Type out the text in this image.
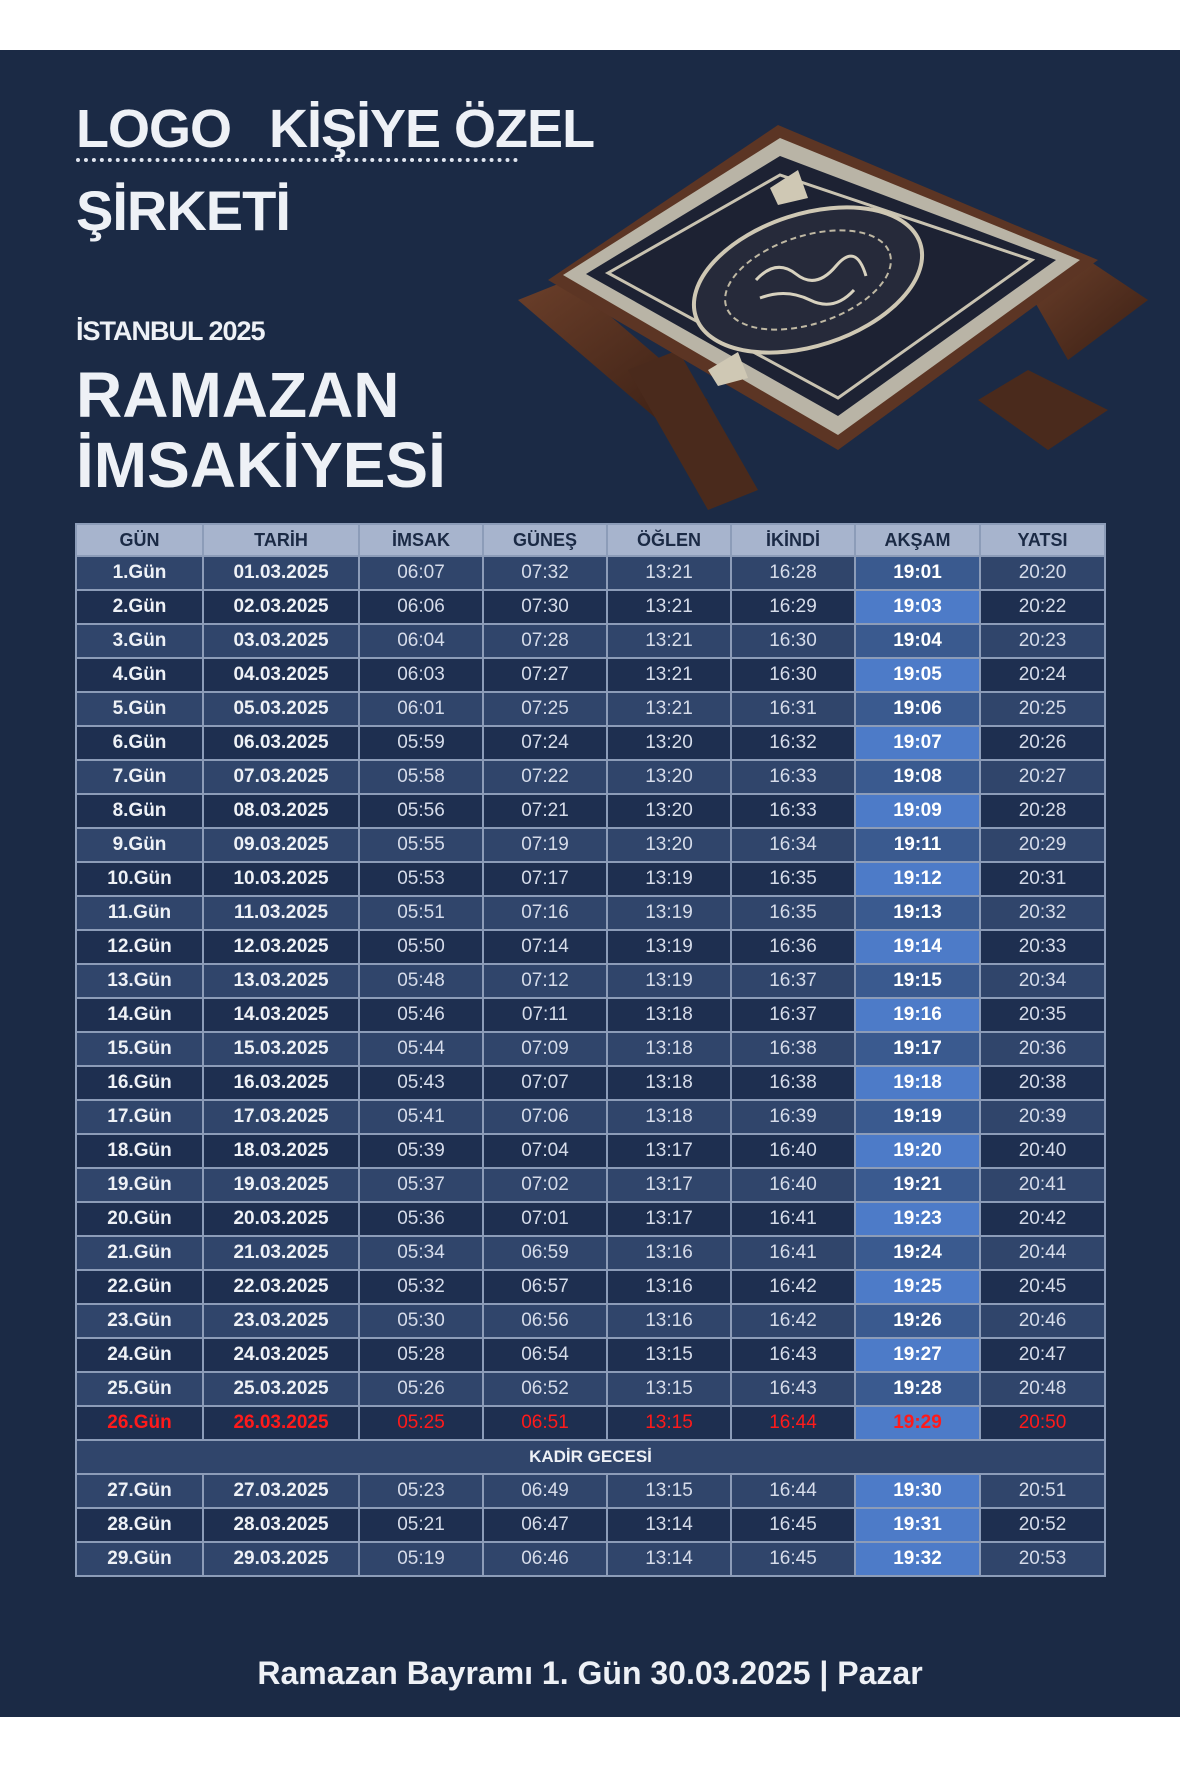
LOGO KİŞİYE ÖZEL
ŞİRKETİ
İSTANBUL 2025
RAMAZAN
İMSAKİYESİ
GÜN	TARİH	İMSAK	GÜNEŞ	ÖĞLEN	İKİNDİ	AKŞAM	YATSI
1.Gün	01.03.2025	06:07	07:32	13:21	16:28	19:01	20:20
2.Gün	02.03.2025	06:06	07:30	13:21	16:29	19:03	20:22
3.Gün	03.03.2025	06:04	07:28	13:21	16:30	19:04	20:23
4.Gün	04.03.2025	06:03	07:27	13:21	16:30	19:05	20:24
5.Gün	05.03.2025	06:01	07:25	13:21	16:31	19:06	20:25
6.Gün	06.03.2025	05:59	07:24	13:20	16:32	19:07	20:26
7.Gün	07.03.2025	05:58	07:22	13:20	16:33	19:08	20:27
8.Gün	08.03.2025	05:56	07:21	13:20	16:33	19:09	20:28
9.Gün	09.03.2025	05:55	07:19	13:20	16:34	19:11	20:29
10.Gün	10.03.2025	05:53	07:17	13:19	16:35	19:12	20:31
11.Gün	11.03.2025	05:51	07:16	13:19	16:35	19:13	20:32
12.Gün	12.03.2025	05:50	07:14	13:19	16:36	19:14	20:33
13.Gün	13.03.2025	05:48	07:12	13:19	16:37	19:15	20:34
14.Gün	14.03.2025	05:46	07:11	13:18	16:37	19:16	20:35
15.Gün	15.03.2025	05:44	07:09	13:18	16:38	19:17	20:36
16.Gün	16.03.2025	05:43	07:07	13:18	16:38	19:18	20:38
17.Gün	17.03.2025	05:41	07:06	13:18	16:39	19:19	20:39
18.Gün	18.03.2025	05:39	07:04	13:17	16:40	19:20	20:40
19.Gün	19.03.2025	05:37	07:02	13:17	16:40	19:21	20:41
20.Gün	20.03.2025	05:36	07:01	13:17	16:41	19:23	20:42
21.Gün	21.03.2025	05:34	06:59	13:16	16:41	19:24	20:44
22.Gün	22.03.2025	05:32	06:57	13:16	16:42	19:25	20:45
23.Gün	23.03.2025	05:30	06:56	13:16	16:42	19:26	20:46
24.Gün	24.03.2025	05:28	06:54	13:15	16:43	19:27	20:47
25.Gün	25.03.2025	05:26	06:52	13:15	16:43	19:28	20:48
26.Gün	26.03.2025	05:25	06:51	13:15	16:44	19:29	20:50
KADİR GECESİ							
27.Gün	27.03.2025	05:23	06:49	13:15	16:44	19:30	20:51
28.Gün	28.03.2025	05:21	06:47	13:14	16:45	19:31	20:52
29.Gün	29.03.2025	05:19	06:46	13:14	16:45	19:32	20:53
Ramazan Bayramı 1. Gün 30.03.2025 | Pazar
